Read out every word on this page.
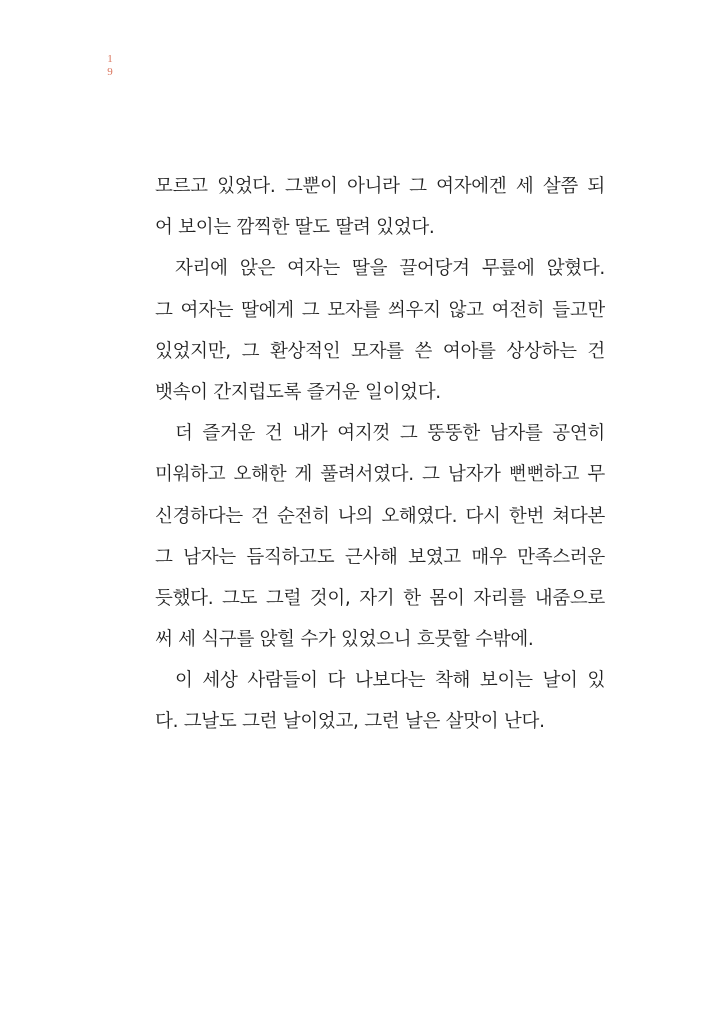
1
9
모르고 있었다. 그뿐이 아니라 그 여자에겐 세 살쯤 되
어 보이는 깜찍한 딸도 딸려 있었다.
자리에 앉은 여자는 딸을 끌어당겨 무릎에 앉혔다.
그 여자는 딸에게 그 모자를 씌우지 않고 여전히 들고만
있었지만, 그 환상적인 모자를 쓴 여아를 상상하는 건
뱃속이 간지럽도록 즐거운 일이었다.
더 즐거운 건 내가 여지껏 그 뚱뚱한 남자를 공연히
미워하고 오해한 게 풀려서였다. 그 남자가 뻔뻔하고 무
신경하다는 건 순전히 나의 오해였다. 다시 한번 쳐다본
그 남자는 듬직하고도 근사해 보였고 매우 만족스러운
듯했다. 그도 그럴 것이, 자기 한 몸이 자리를 내줌으로
써 세 식구를 앉힐 수가 있었으니 흐뭇할 수밖에.
이 세상 사람들이 다 나보다는 착해 보이는 날이 있
다. 그날도 그런 날이었고, 그런 날은 살맛이 난다.
